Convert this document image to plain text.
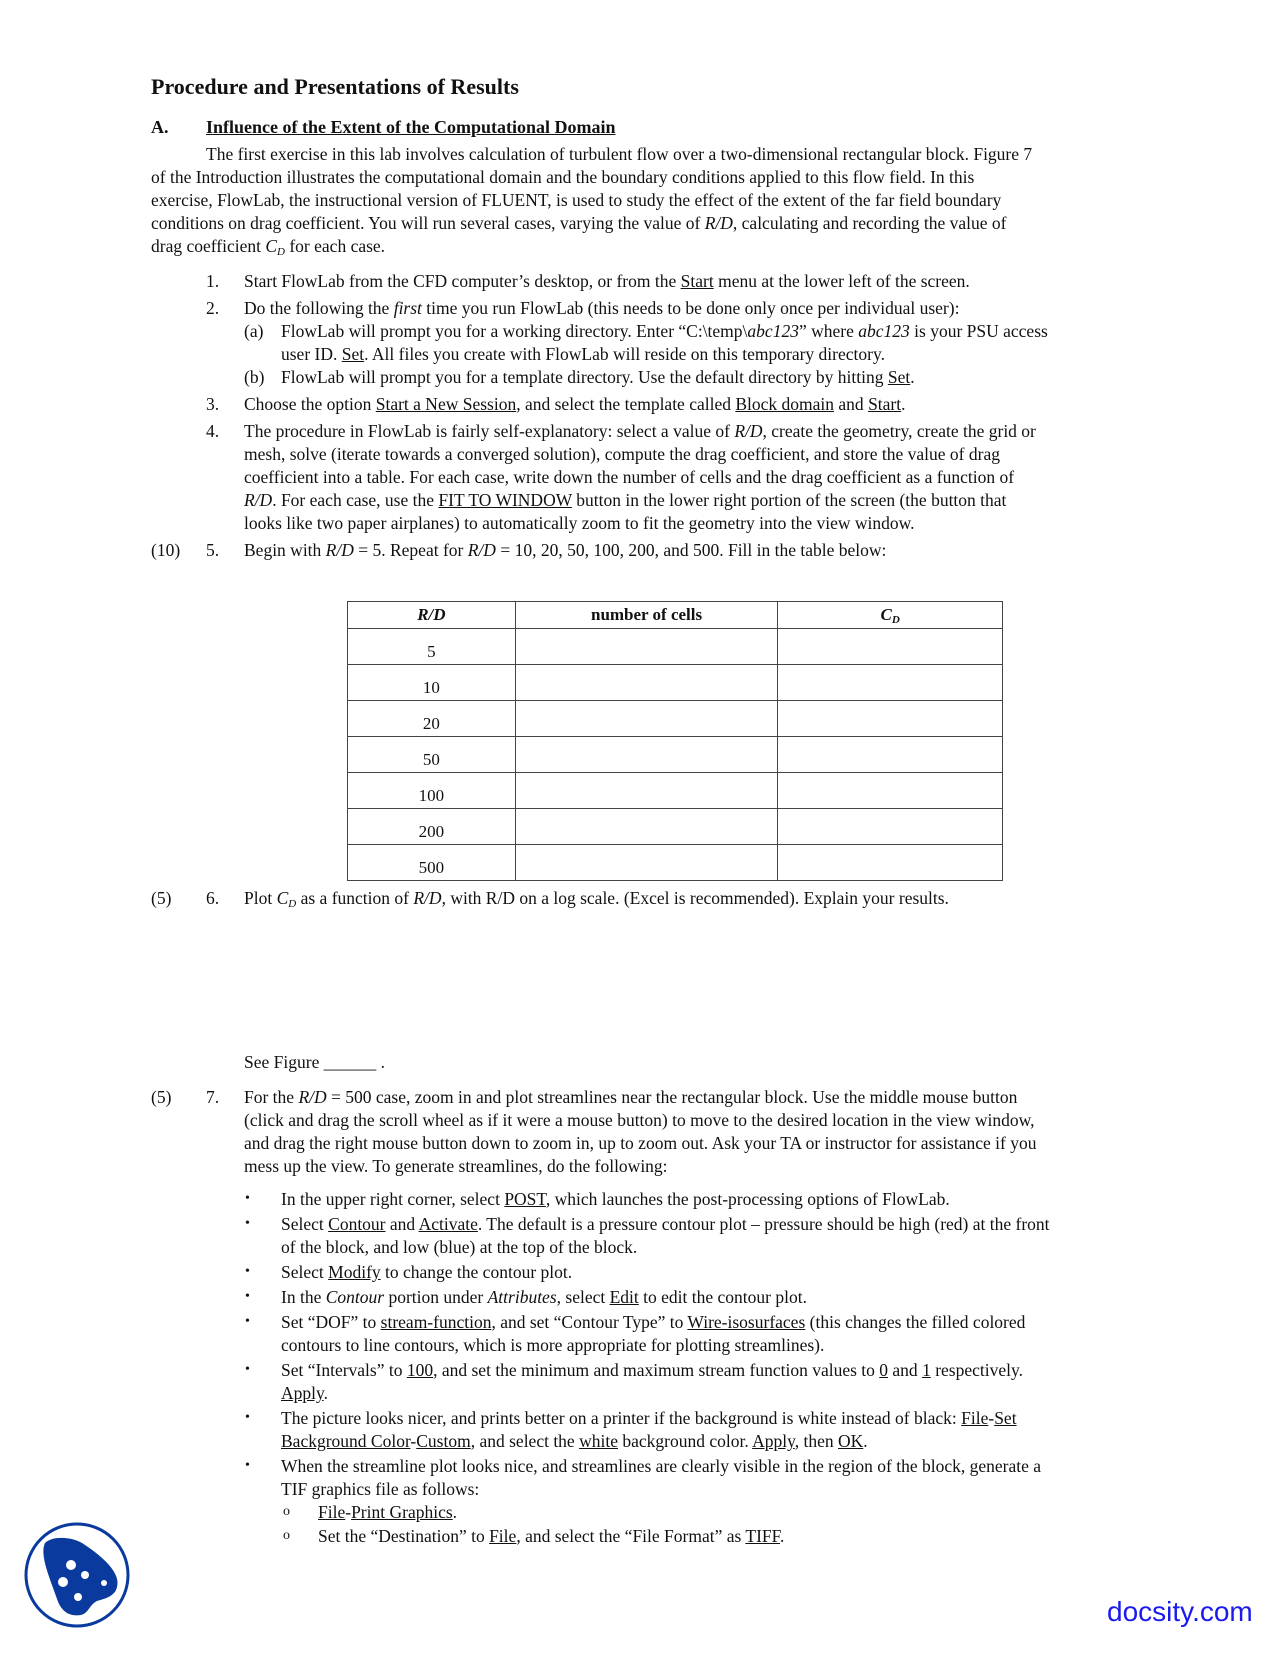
Procedure and Presentations of Results
A. Influence of the Extent of the Computational Domain
The first exercise in this lab involves calculation of turbulent flow over a two-dimensional rectangular block. Figure 7
of the Introduction illustrates the computational domain and the boundary conditions applied to this flow field. In this
exercise, FlowLab, the instructional version of FLUENT, is used to study the effect of the extent of the far field boundary
conditions on drag coefficient. You will run several cases, varying the value of R/D, calculating and recording the value of
drag coefficient $C_D$ for each case.
1.	Start FlowLab from the CFD computer’s desktop, or from the Start menu at the lower left of the screen.
2.	Do the following the first time you run FlowLab (this needs to be done only once per individual user):
(a) FlowLab will prompt you for a working directory. Enter “C:\temp\abc123” where abc123 is your PSU access
user ID. Set. All files you create with FlowLab will reside on this temporary directory.
(b) FlowLab will prompt you for a template directory. Use the default directory by hitting Set.
3.	Choose the option Start a New Session, and select the template called Block domain and Start.
4.	The procedure in FlowLab is fairly self-explanatory: select a value of R/D, create the geometry, create the grid or
mesh, solve (iterate towards a converged solution), compute the drag coefficient, and store the value of drag
coefficient into a table. For each case, write down the number of cells and the drag coefficient as a function of
R/D. For each case, use the FIT TO WINDOW button in the lower right portion of the screen (the button that
looks like two paper airplanes) to automatically zoom to fit the geometry into the view window.
(10) 5.	Begin with R/D = 5. Repeat for R/D = 10, 20, 50, 100, 200, and 500. Fill in the table below:
R/D	number of cells	$C_D$
5		
10		
20		
50		
100		
200		
500		
(5) 6.	Plot $C_D$ as a function of R/D, with R/D on a log scale. (Excel is recommended). Explain your results.
See Figure ______ .
(5) 7.	For the R/D = 500 case, zoom in and plot streamlines near the rectangular block. Use the middle mouse button
(click and drag the scroll wheel as if it were a mouse button) to move to the desired location in the view window,
and drag the right mouse button down to zoom in, up to zoom out. Ask your TA or instructor for assistance if you
mess up the view. To generate streamlines, do the following:
• In the upper right corner, select POST, which launches the post-processing options of FlowLab.
• Select Contour and Activate. The default is a pressure contour plot – pressure should be high (red) at the front
of the block, and low (blue) at the top of the block.
• Select Modify to change the contour plot.
• In the Contour portion under Attributes, select Edit to edit the contour plot.
• Set “DOF” to stream-function, and set “Contour Type” to Wire-isosurfaces (this changes the filled colored
contours to line contours, which is more appropriate for plotting streamlines).
• Set “Intervals” to 100, and set the minimum and maximum stream function values to 0 and 1 respectively.
Apply.
• The picture looks nicer, and prints better on a printer if the background is white instead of black: File-Set
Background Color-Custom, and select the white background color. Apply, then OK.
• When the streamline plot looks nice, and streamlines are clearly visible in the region of the block, generate a
TIF graphics file as follows:
o File-Print Graphics.
o Set the “Destination” to File, and select the “File Format” as TIFF.
docsity.com
